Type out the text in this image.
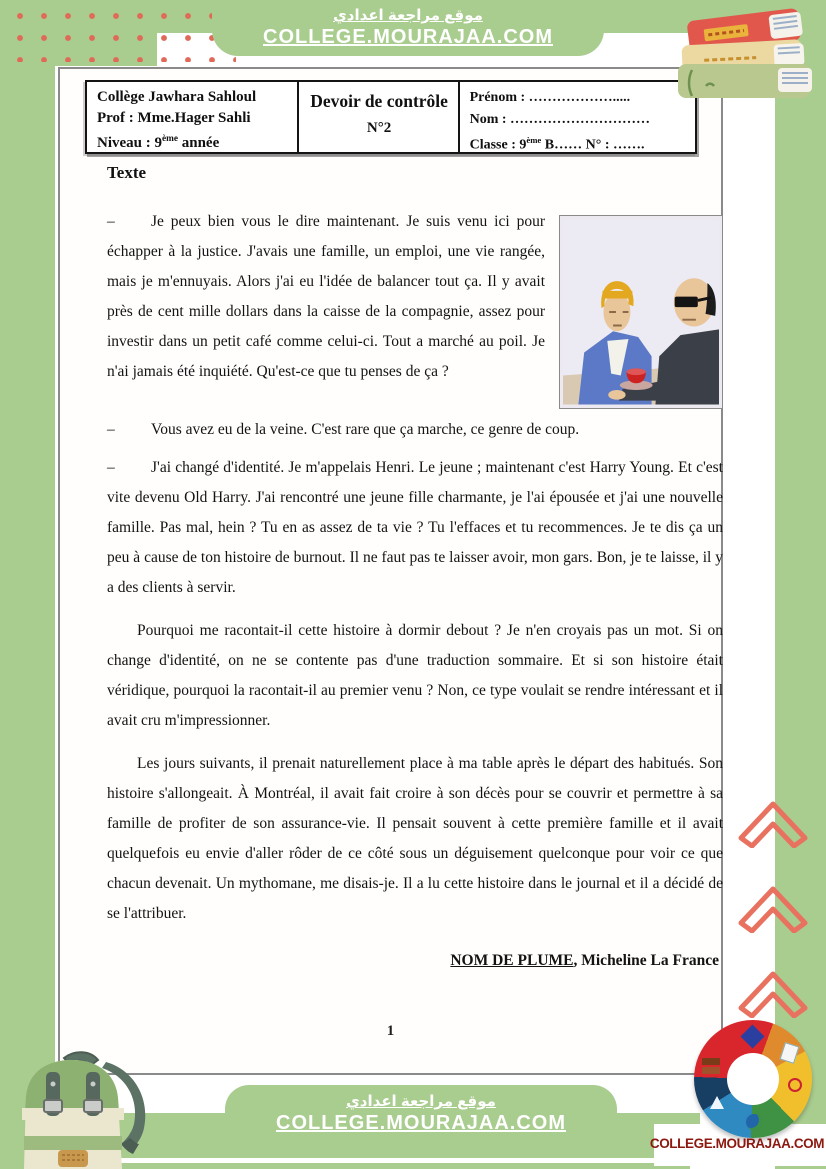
موقع مراجعة اعدادي
COLLEGE.MOURAJAA.COM
Collège Jawhara Sahloul
Prof : Mme.Hager Sahli
Niveau : 9ème année
Devoir de contrôle
N°2
Prénom : ……………….....
Nom : …………………………
Classe : 9ème B…… N° : …….
Texte

– Je peux bien vous le dire maintenant. Je suis venu ici pour échapper à la justice. J'avais une famille, un emploi, une vie rangée, mais je m'ennuyais. Alors j'ai eu l'idée de balancer tout ça. Il y avait près de cent mille dollars dans la caisse de la compagnie, assez pour investir dans un petit café comme celui-ci. Tout a marché au poil. Je n'ai jamais été inquiété. Qu'est-ce que tu penses de ça ?

– Vous avez eu de la veine. C'est rare que ça marche, ce genre de coup.

– J'ai changé d'identité. Je m'appelais Henri. Le jeune ; maintenant c'est Harry Young. Et c'est vite devenu Old Harry. J'ai rencontré une jeune fille charmante, je l'ai épousée et j'ai une nouvelle famille. Pas mal, hein ? Tu en as assez de ta vie ? Tu l'effaces et tu recommences. Je te dis ça un peu à cause de ton histoire de burnout. Il ne faut pas te laisser avoir, mon gars. Bon, je te laisse, il y a des clients à servir.

Pourquoi me racontait-il cette histoire à dormir debout ? Je n'en croyais pas un mot. Si on change d'identité, on ne se contente pas d'une traduction sommaire. Et si son histoire était véridique, pourquoi la racontait-il au premier venu ? Non, ce type voulait se rendre intéressant et il avait cru m'impressionner.

Les jours suivants, il prenait naturellement place à ma table après le départ des habitués. Son histoire s'allongeait. À Montréal, il avait fait croire à son décès pour se couvrir et permettre à sa famille de profiter de son assurance-vie. Il pensait souvent à cette première famille et il avait quelquefois eu envie d'aller rôder de ce côté sous un déguisement quelconque pour voir ce que chacun devenait. Un mythomane, me disais-je. Il a lu cette histoire dans le journal et il a décidé de se l'attribuer.

NOM DE PLUME, Micheline La France

1
موقع مراجعة اعدادي
COLLEGE.MOURAJAA.COM
COLLEGE.MOURAJAA.COM
